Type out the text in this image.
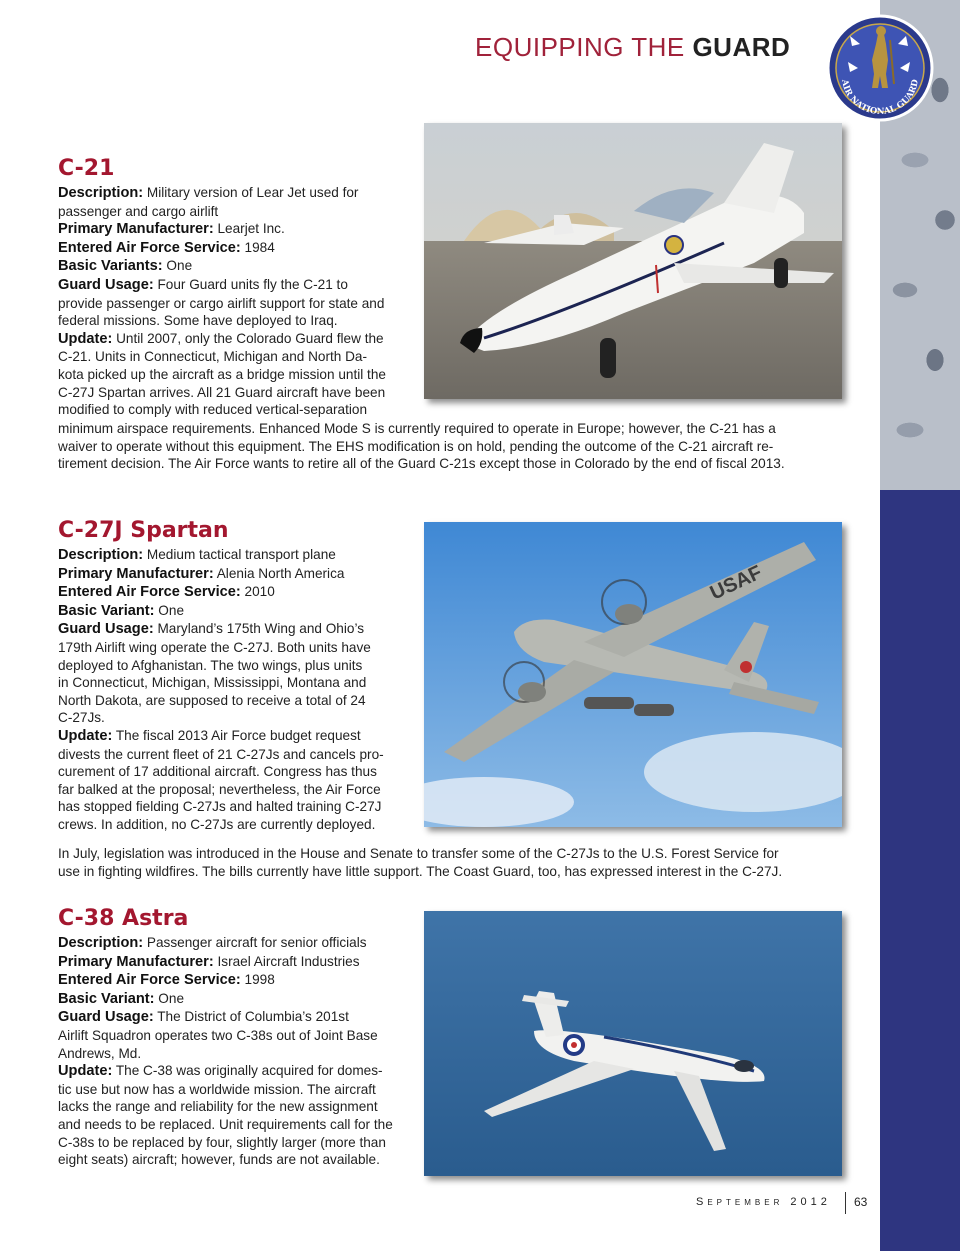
EQUIPPING THE GUARD
AIR NATIONAL GUARD
C-21

Description: Military version of Lear Jet used for

passenger and cargo airlift

Primary Manufacturer: Learjet Inc.

Entered Air Force Service: 1984

Basic Variants: One

Guard Usage: Four Guard units fly the C-21 to

provide passenger or cargo airlift support for state and

federal missions. Some have deployed to Iraq.

Update: Until 2007, only the Colorado Guard flew the

C-21. Units in Connecticut, Michigan and North Da-

kota picked up the aircraft as a bridge mission until the

C-27J Spartan arrives. All 21 Guard aircraft have been

modified to comply with reduced vertical-separation

minimum airspace requirements. Enhanced Mode S is currently required to operate in Europe; however, the C-21 has a
waiver to operate without this equipment. The EHS modification is on hold, pending the outcome of the C-21 aircraft re-
tirement decision. The Air Force wants to retire all of the Guard C-21s except those in Colorado by the end of fiscal 2013.
C-27J Spartan

Description: Medium tactical transport plane

Primary Manufacturer: Alenia North America

Entered Air Force Service: 2010

Basic Variant: One

Guard Usage: Maryland’s 175th Wing and Ohio’s

179th Airlift wing operate the C-27J. Both units have

deployed to Afghanistan. The two wings, plus units

in Connecticut, Michigan, Mississippi, Montana and

North Dakota, are supposed to receive a total of 24

C-27Js.

Update: The fiscal 2013 Air Force budget request

divests the current fleet of 21 C-27Js and cancels pro-

curement of 17 additional aircraft. Congress has thus

far balked at the proposal; nevertheless, the Air Force

has stopped fielding C-27Js and halted training C-27J

crews. In addition, no C-27Js are currently deployed.

In July, legislation was introduced in the House and Senate to transfer some of the C-27Js to the U.S. Forest Service for
use in fighting wildfires. The bills currently have little support. The Coast Guard, too, has expressed interest in the C-27J.
USAF
C-38 Astra

Description: Passenger aircraft for senior officials

Primary Manufacturer: Israel Aircraft Industries

Entered Air Force Service: 1998

Basic Variant: One

Guard Usage: The District of Columbia’s 201st

Airlift Squadron operates two C-38s out of Joint Base

Andrews, Md.

Update: The C-38 was originally acquired for domes-

tic use but now has a worldwide mission. The aircraft

lacks the range and reliability for the new assignment

and needs to be replaced. Unit requirements call for the

C-38s to be replaced by four, slightly larger (more than

eight seats) aircraft; however, funds are not available.

September 2012 63
